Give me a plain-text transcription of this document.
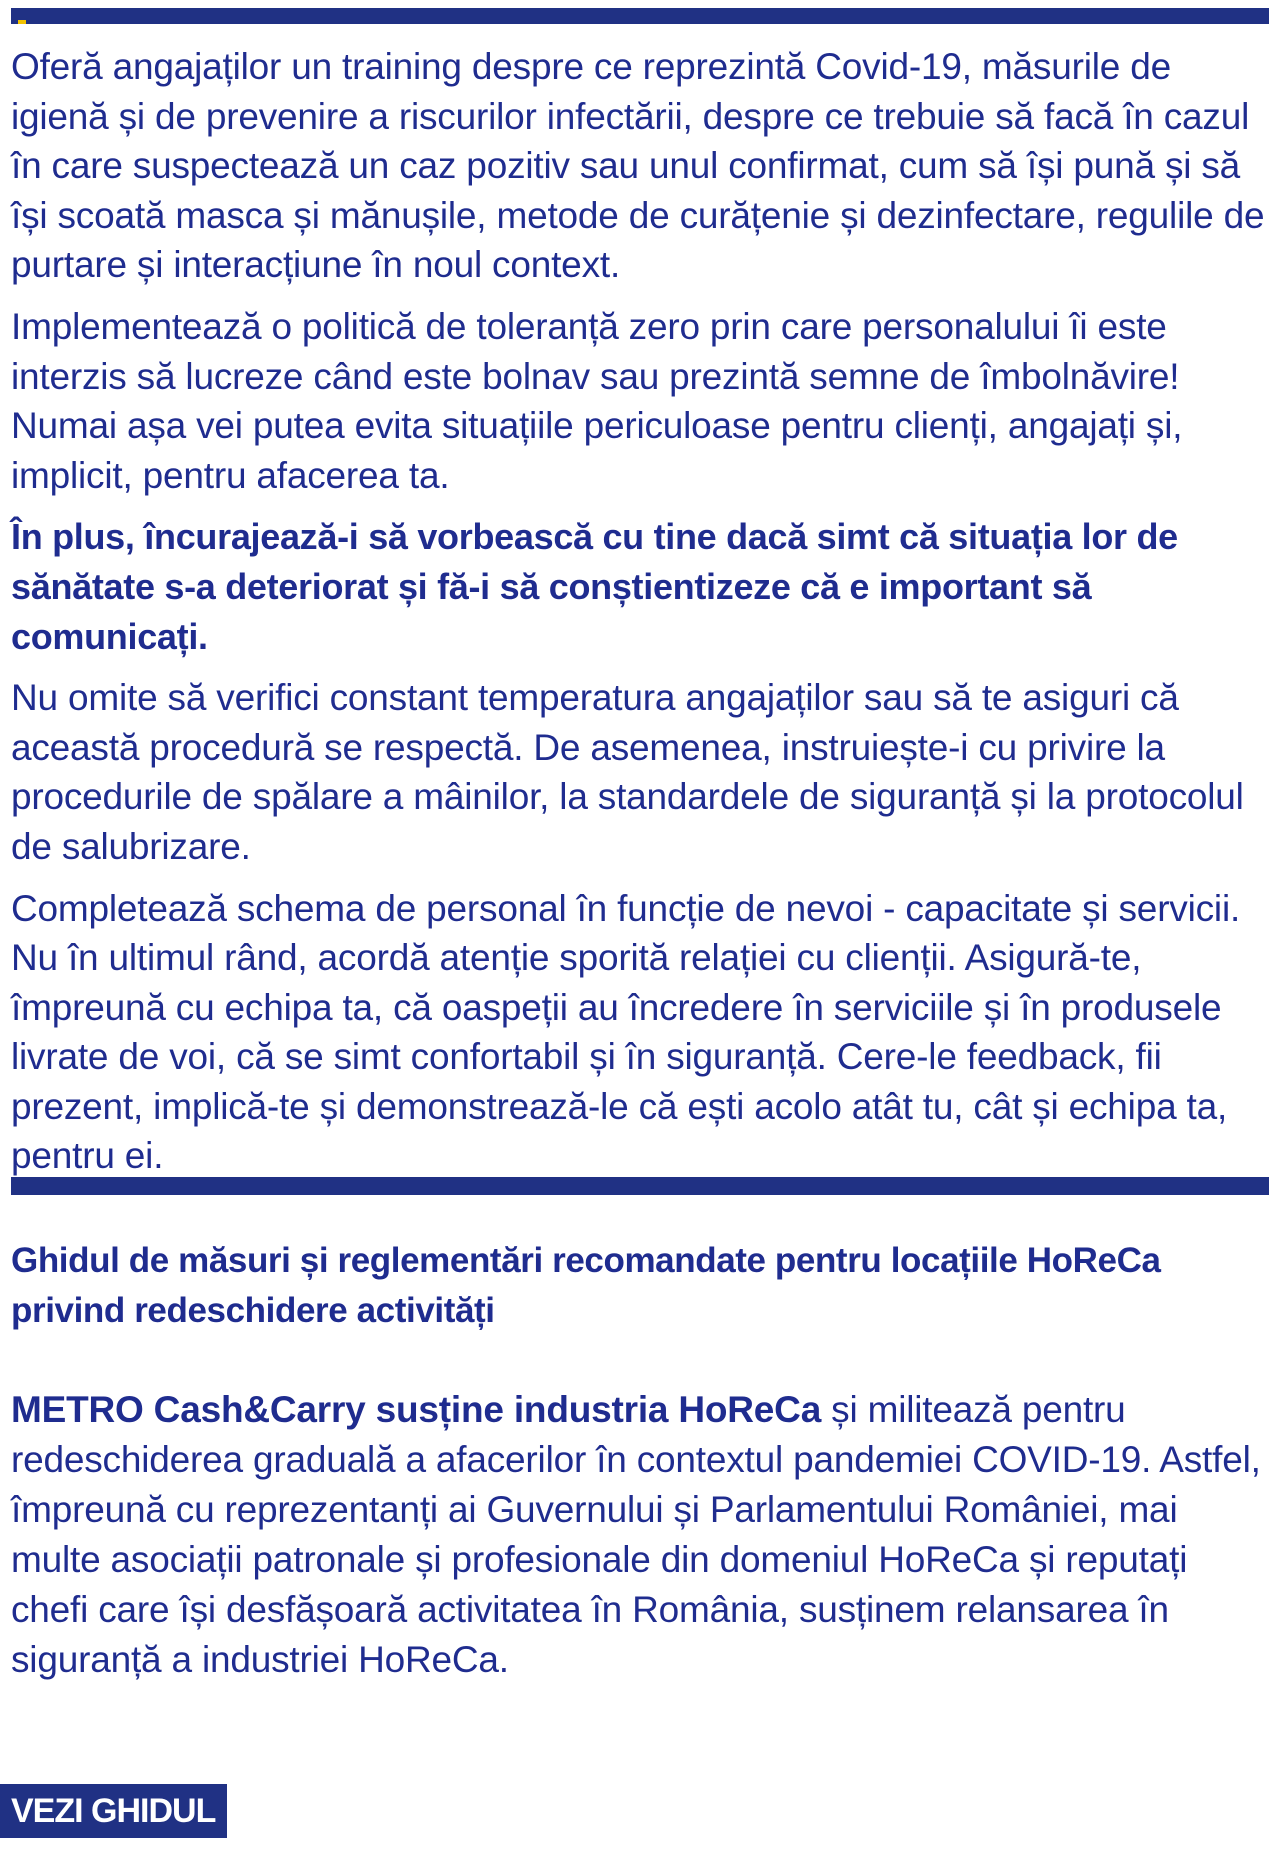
Oferă angajaților un training despre ce reprezintă Covid-19, măsurile de igienă și de prevenire a riscurilor infectării, despre ce trebuie să facă în cazul în care suspectează un caz pozitiv sau unul confirmat, cum să își pună și să își scoată masca și mănușile, metode de curățenie și dezinfectare, regulile de purtare și interacțiune în noul context.

Implementează o politică de toleranță zero prin care personalului îi este interzis să lucreze când este bolnav sau prezintă semne de îmbolnăvire! Numai așa vei putea evita situațiile periculoase pentru clienți, angajați și, implicit, pentru afacerea ta.

În plus, încurajează-i să vorbească cu tine dacă simt că situația lor de sănătate s-a deteriorat și fă-i să conștientizeze că e important să comunicați.

Nu omite să verifici constant temperatura angajaților sau să te asiguri că această procedură se respectă. De asemenea, instruiește-i cu privire la procedurile de spălare a mâinilor, la standardele de siguranță și la protocolul de salubrizare.

Completează schema de personal în funcție de nevoi - capacitate și servicii. Nu în ultimul rând, acordă atenție sporită relației cu clienții. Asigură-te, împreună cu echipa ta, că oaspeții au încredere în serviciile și în produsele livrate de voi, că se simt confortabil și în siguranță. Cere-le feedback, fii prezent, implică-te și demonstrează-le că ești acolo atât tu, cât și echipa ta, pentru ei.

Ghidul de măsuri și reglementări recomandate pentru locațiile HoReCa privind redeschidere activități

METRO Cash&Carry susține industria HoReCa și militează pentru redeschiderea graduală a afacerilor în contextul pandemiei COVID-19. Astfel, împreună cu reprezentanți ai Guvernului și Parlamentului României, mai multe asociații patronale și profesionale din domeniul HoReCa și reputați chefi care își desfășoară activitatea în România, susținem relansarea în siguranță a industriei HoReCa.

VEZI GHIDUL
